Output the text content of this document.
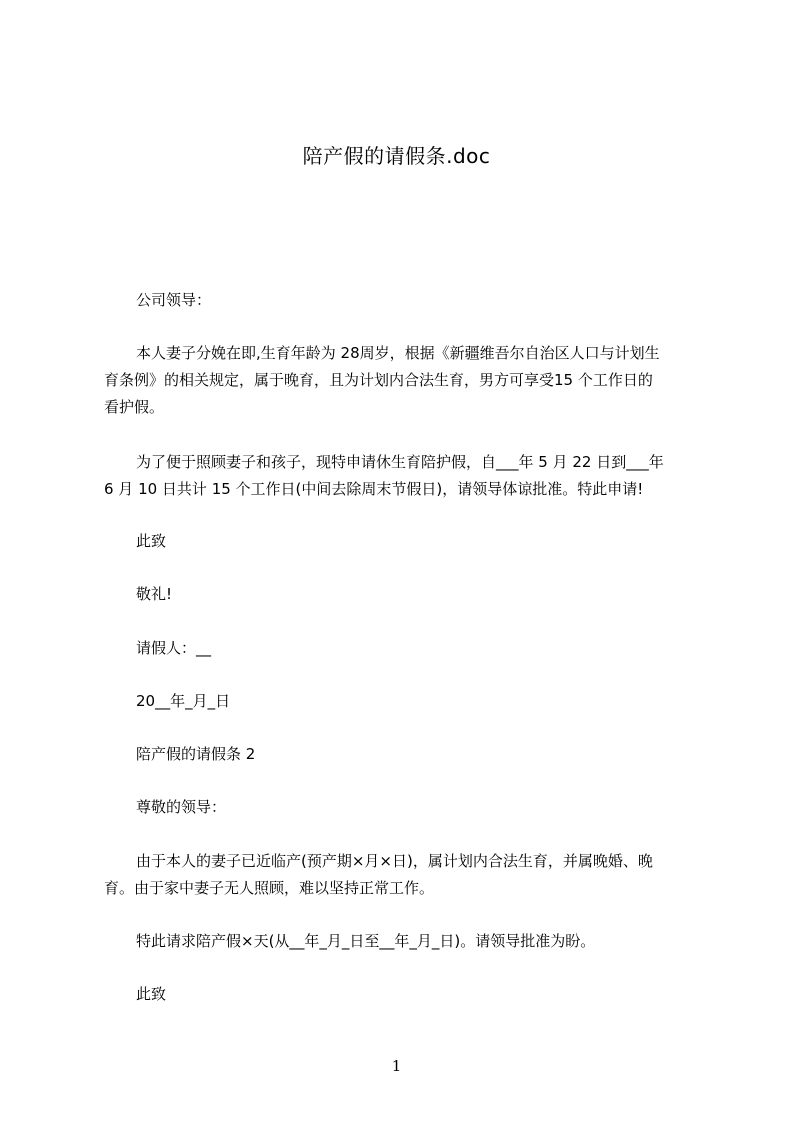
陪产假的请假条.doc
公司领导：
本人妻子分娩在即,生育年龄为 28周岁，根据《新疆维吾尔自治区人口与计划生
育条例》的相关规定，属于晚育，且为计划内合法生育，男方可享受15 个工作日的
看护假。
为了便于照顾妻子和孩子，现特申请休生育陪护假，自___年 5 月 22 日到___年
6 月 10 日共计 15 个工作日(中间去除周末节假日)，请领导体谅批准。特此申请!
此致
敬礼!
请假人：__
20__年_月_日
陪产假的请假条 2
尊敬的领导：
由于本人的妻子已近临产(预产期×月×日)，属计划内合法生育，并属晚婚、晚
育。由于家中妻子无人照顾，难以坚持正常工作。
特此请求陪产假×天(从__年_月_日至__年_月_日)。请领导批准为盼。
此致
1
